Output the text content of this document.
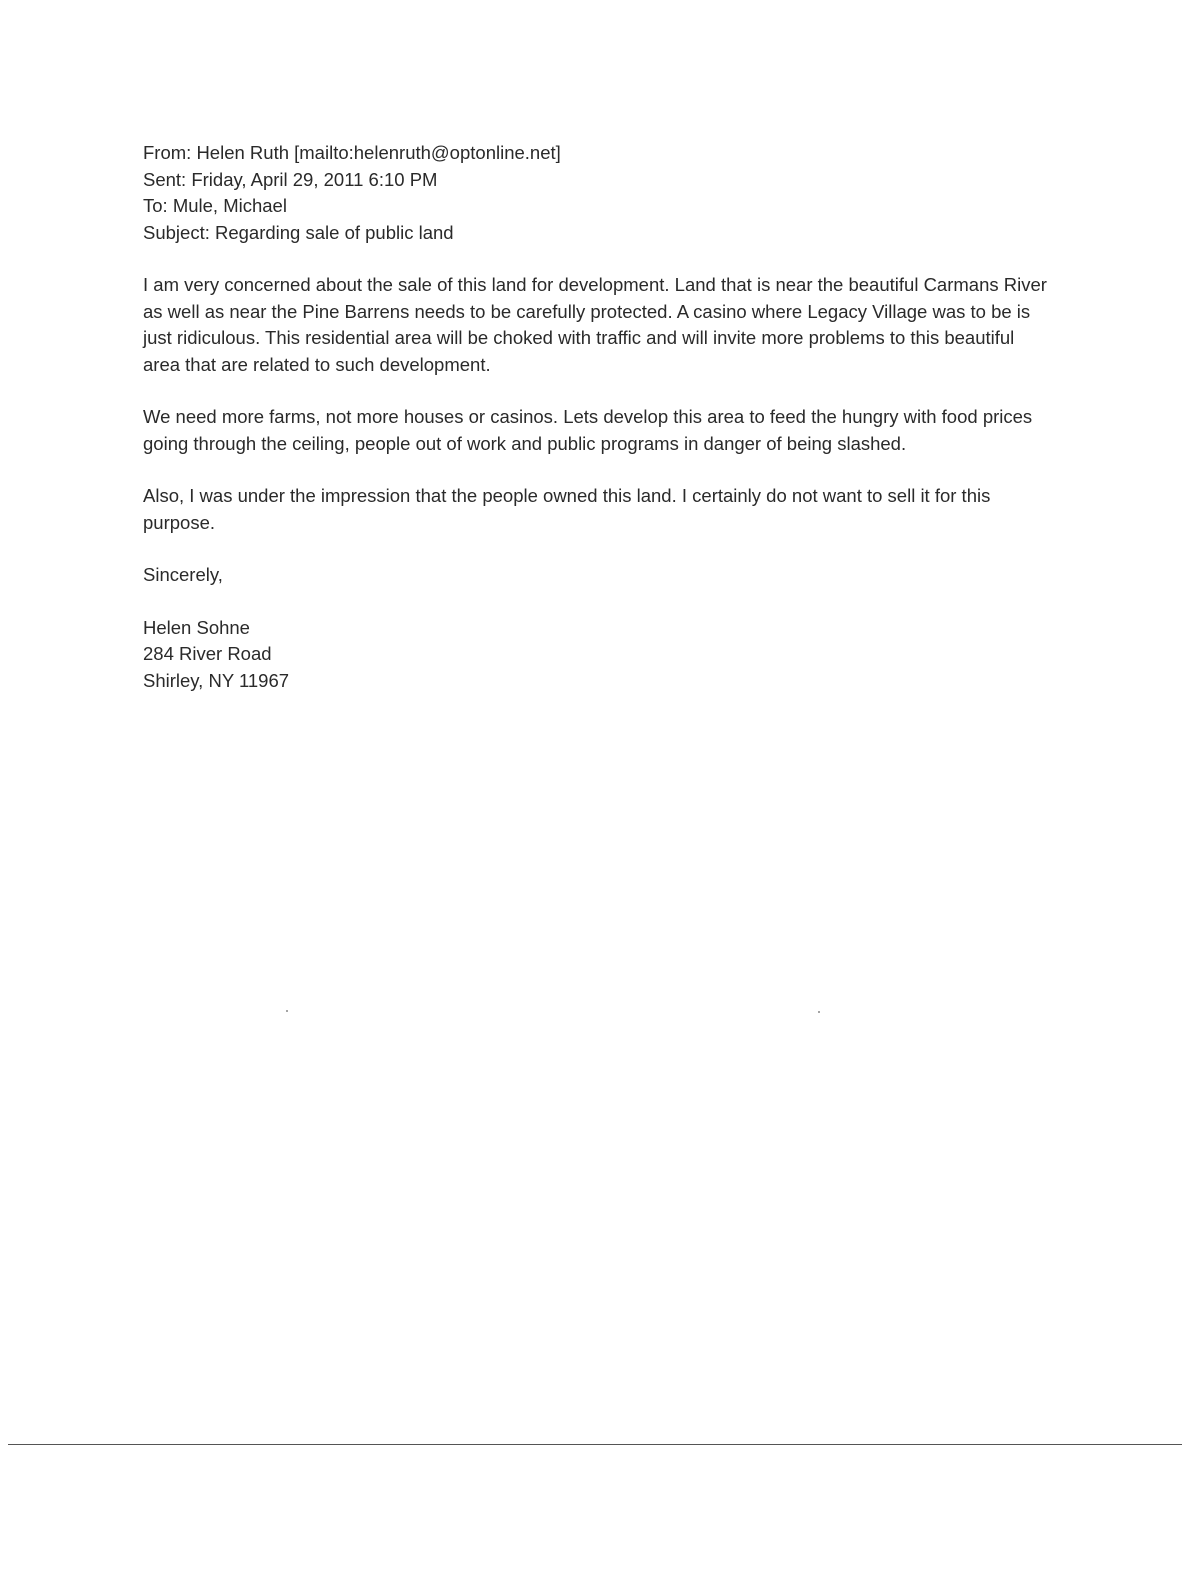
From: Helen Ruth [mailto:helenruth@optonline.net]
Sent: Friday, April 29, 2011 6:10 PM
To: Mule, Michael
Subject: Regarding sale of public land

I am very concerned about the sale of this land for development. Land that is near the beautiful Carmans River as well as near the Pine Barrens needs to be carefully protected. A casino where Legacy Village was to be is just ridiculous. This residential area will be choked with traffic and will invite more problems to this beautiful area that are related to such development.

We need more farms, not more houses or casinos. Lets develop this area to feed the hungry with food prices going through the ceiling, people out of work and public programs in danger of being slashed.

Also, I was under the impression that the people owned this land. I certainly do not want to sell it for this purpose.

Sincerely,

Helen Sohne
284 River Road
Shirley, NY 11967
